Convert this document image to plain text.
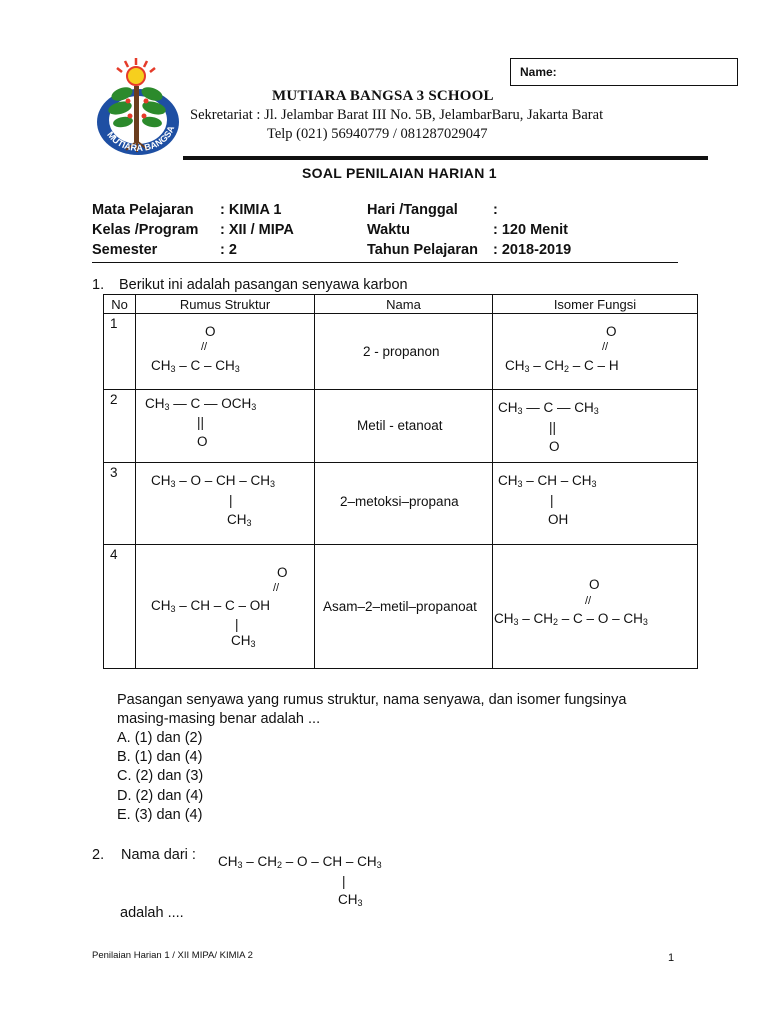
Name:
MUTIARA BANGSA
MUTIARA BANGSA 3 SCHOOL
Sekretariat : Jl. Jelambar Barat III No. 5B, JelambarBaru, Jakarta Barat
Telp (021) 56940779 / 081287029047
SOAL PENILAIAN HARIAN 1
Mata Pelajaran : KIMIA 1
Kelas /Program : XII / MIPA
Semester	: 2
Hari /Tanggal :
Waktu	: 120 Menit
Tahun Pelajaran : 2018-2019
1. Berikut ini adalah pasangan senyawa karbon
No	Rumus Struktur	Nama	Isomer Fungsi

1	O
//
$CH_3$ – C – $CH_3$	2 - propanon	O
//
$CH_3 - CH_2$ – C – H

2	$CH_3$ — C — $OCH_3$
||
O	Metil - etanoat	$CH_3$ — C — $CH_3$
||
O

3	$CH_3$ – O – CH – $CH_3$
|
$CH_3$	2–metoksi–propana	$CH_3$ – CH – $CH_3$
|
OH

4	O
//
$CH_3$ – CH – C – OH
|
$CH_3$	Asam–2–metil–propanoat	O
//
$CH_3 - CH_2$ – C – O – $CH_3$
Pasangan senyawa yang rumus struktur, nama senyawa, dan isomer fungsinya
masing-masing benar adalah ...
A. (1) dan (2)
B. (1) dan (4)
C. (2) dan (3)
D. (2) dan (4)
E. (3) dan (4)
2. Nama dari : $CH_3 - CH_2$ – O – CH – $CH_3$
|
$CH_3$
adalah ....
Penilaian Harian 1 / XII MIPA/ KIMIA 2	1
